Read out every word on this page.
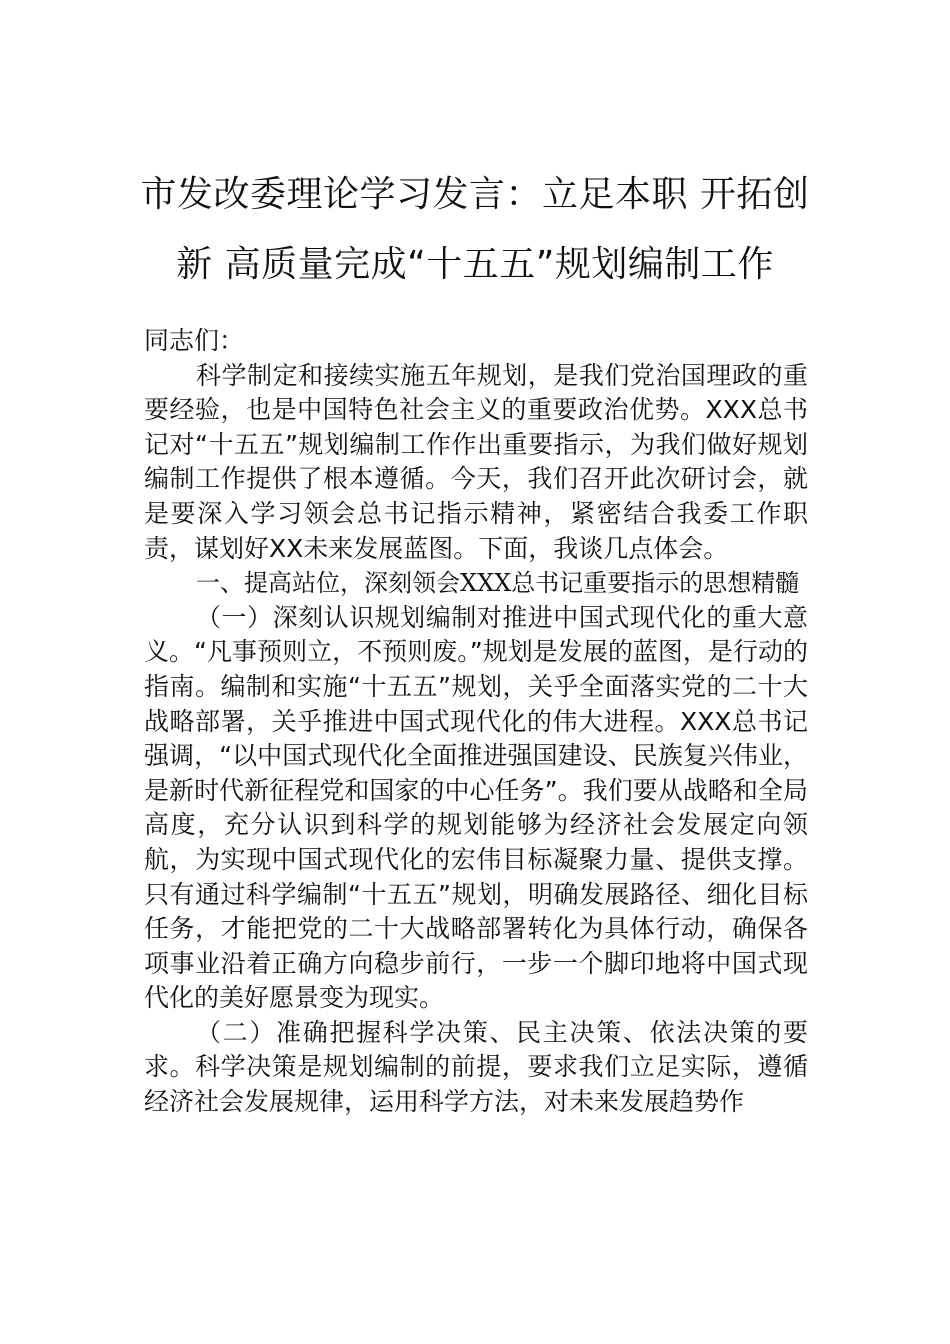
市发改委理论学习发言：立足本职 开拓创新 高质量完成“十五五”规划编制工作

同志们：

科学制定和接续实施五年规划，是我们党治国理政的重要经验，也是中国特色社会主义的重要政治优势。XXX总书记对“十五五”规划编制工作作出重要指示，为我们做好规划编制工作提供了根本遵循。今天，我们召开此次研讨会，就是要深入学习领会总书记指示精神，紧密结合我委工作职责，谋划好XX未来发展蓝图。下面，我谈几点体会。

一、提高站位，深刻领会XXX总书记重要指示的思想精髓

（一）深刻认识规划编制对推进中国式现代化的重大意义。“凡事预则立，不预则废。”规划是发展的蓝图，是行动的指南。编制和实施“十五五”规划，关乎全面落实党的二十大战略部署，关乎推进中国式现代化的伟大进程。XXX总书记强调，“以中国式现代化全面推进强国建设、民族复兴伟业，是新时代新征程党和国家的中心任务”。我们要从战略和全局高度，充分认识到科学的规划能够为经济社会发展定向领航，为实现中国式现代化的宏伟目标凝聚力量、提供支撑。只有通过科学编制“十五五”规划，明确发展路径、细化目标任务，才能把党的二十大战略部署转化为具体行动，确保各项事业沿着正确方向稳步前行，一步一个脚印地将中国式现代化的美好愿景变为现实。

（二）准确把握科学决策、民主决策、依法决策的要求。科学决策是规划编制的前提，要求我们立足实际，遵循经济社会发展规律，运用科学方法，对未来发展趋势作
